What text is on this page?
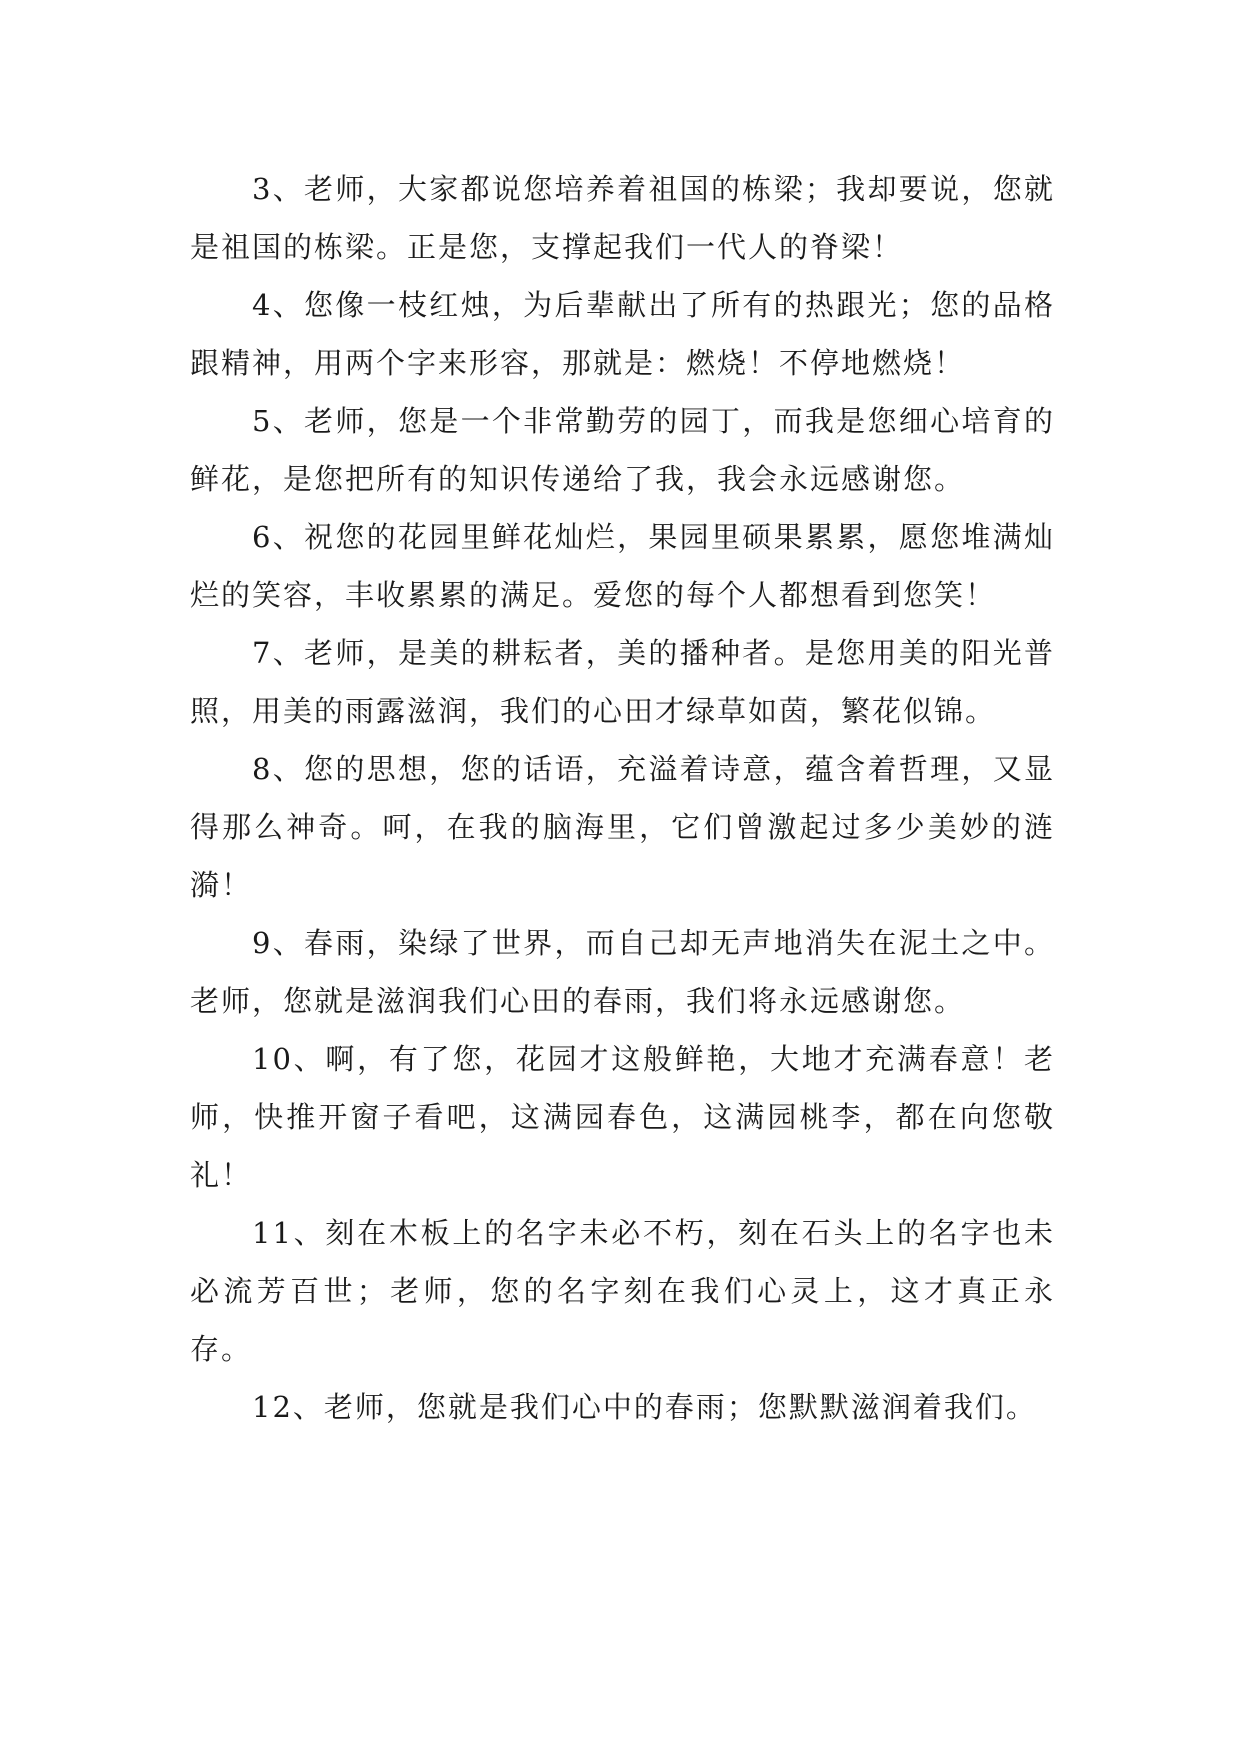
3、老师，大家都说您培养着祖国的栋梁；我却要说，您就是祖国的栋梁。正是您，支撑起我们一代人的脊梁！

4、您像一枝红烛，为后辈献出了所有的热跟光；您的品格跟精神，用两个字来形容，那就是：燃烧！不停地燃烧！

5、老师，您是一个非常勤劳的园丁，而我是您细心培育的鲜花，是您把所有的知识传递给了我，我会永远感谢您。

6、祝您的花园里鲜花灿烂，果园里硕果累累，愿您堆满灿烂的笑容，丰收累累的满足。爱您的每个人都想看到您笑！

7、老师，是美的耕耘者，美的播种者。是您用美的阳光普照，用美的雨露滋润，我们的心田才绿草如茵，繁花似锦。

8、您的思想，您的话语，充溢着诗意，蕴含着哲理，又显得那么神奇。呵，在我的脑海里，它们曾激起过多少美妙的涟漪！

9、春雨，染绿了世界，而自己却无声地消失在泥土之中。老师，您就是滋润我们心田的春雨，我们将永远感谢您。

10、啊，有了您，花园才这般鲜艳，大地才充满春意！老师，快推开窗子看吧，这满园春色，这满园桃李，都在向您敬礼！

11、刻在木板上的名字未必不朽，刻在石头上的名字也未必流芳百世；老师，您的名字刻在我们心灵上，这才真正永存。

12、老师，您就是我们心中的春雨；您默默滋润着我们。
